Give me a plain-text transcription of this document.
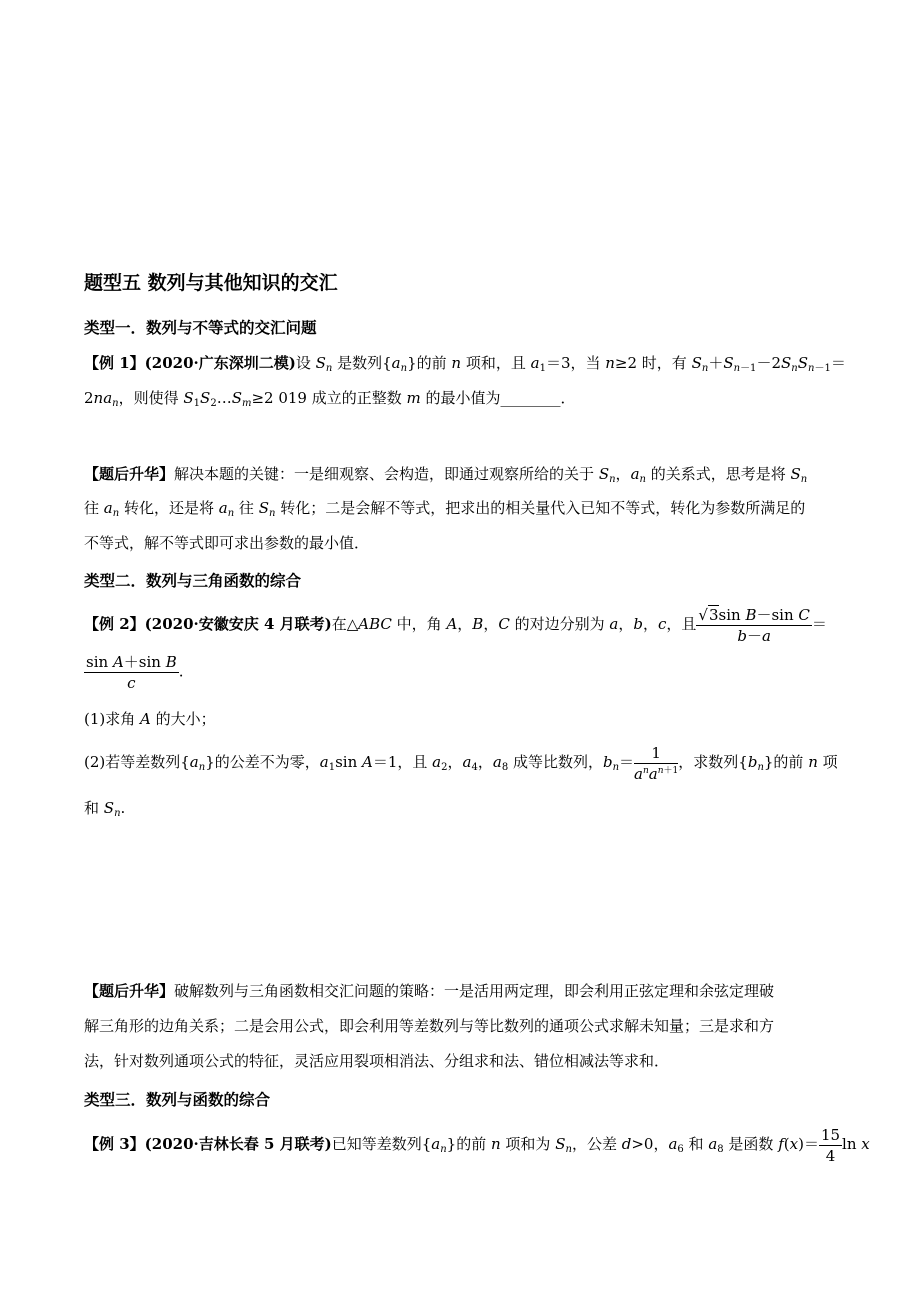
题型五 数列与其他知识的交汇
类型一．数列与不等式的交汇问题
【例 1】(2020·广东深圳二模)设 $S_n$ 是数列$\{a_n\}$的前 n 项和，且 $a_1=3$，当 n≥2 时，有 $S_n+S_{n-1}-2S_nS_{n-1}=$
$2na_n$，则使得 $S_1S_2\dots S_m\ge 2$ 019 成立的正整数 m 的最小值为________．
【题后升华】解决本题的关键：一是细观察、会构造，即通过观察所给的关于 $S_n$，$a_n$ 的关系式，思考是将 $S_n$
往 $a_n$ 转化，还是将 $a_n$ 往 $S_n$ 转化；二是会解不等式，把求出的相关量代入已知不等式，转化为参数所满足的
不等式，解不等式即可求出参数的最小值．
类型二．数列与三角函数的综合
【例 2】(2020·安徽安庆 4 月联考)在△ABC 中，角 A，B，C 的对边分别为 a，b，c，且 $\frac{\text{√3sin B－sin C}}{b-a}$ ＝
$\frac{\text{sin A＋sin B}}{c}$ .
(1)求角 A 的大小；
(2)若等差数列$\{a_n\}$的公差不为零，$a_1\sin$ A＝1，且 $a_2$，$a_4$，$a_8$ 成等比数列，$b_n= \frac{1}{a^na^{n+1}}$ ，求数列$\{b_n\}$的前 n 项
和 $S_n$.
【题后升华】破解数列与三角函数相交汇问题的策略：一是活用两定理，即会利用正弦定理和余弦定理破
解三角形的边角关系；二是会用公式，即会利用等差数列与等比数列的通项公式求解未知量；三是求和方
法，针对数列通项公式的特征，灵活应用裂项相消法、分组求和法、错位相减法等求和．
类型三．数列与函数的综合
【例 3】(2020·吉林长春 5 月联考)已知等差数列$\{a_n\}$的前 n 项和为 $S_n$，公差 d>0，$a_6$ 和 $a_8$ 是函数 $f(x)= \frac{15}{4}$ ln x
